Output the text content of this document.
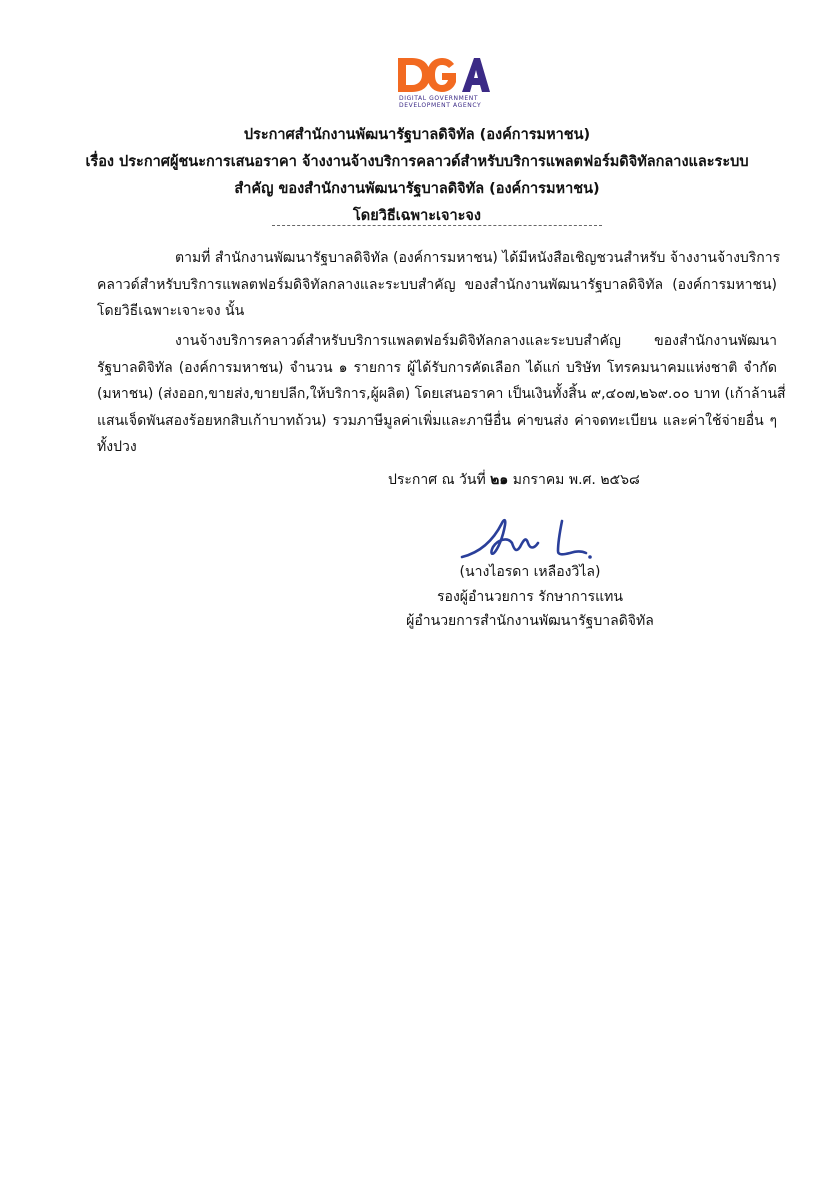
DIGITAL GOVERNMENT
DEVELOPMENT AGENCY
ประกาศสำนักงานพัฒนารัฐบาลดิจิทัล (องค์การมหาชน)
เรื่อง ประกาศผู้ชนะการเสนอราคา จ้างงานจ้างบริการคลาวด์สำหรับบริการแพลตฟอร์มดิจิทัลกลางและระบบ
สำคัญ ของสำนักงานพัฒนารัฐบาลดิจิทัล (องค์การมหาชน)
โดยวิธีเฉพาะเจาะจง
ตามที่ สำนักงานพัฒนารัฐบาลดิจิทัล (องค์การมหาชน) ได้มีหนังสือเชิญชวนสำหรับ จ้างงานจ้างบริการ
คลาวด์สำหรับบริการแพลตฟอร์มดิจิทัลกลางและระบบสำคัญ ของสำนักงานพัฒนารัฐบาลดิจิทัล (องค์การมหาชน)
โดยวิธีเฉพาะเจาะจง นั้น
งานจ้างบริการคลาวด์สำหรับบริการแพลตฟอร์มดิจิทัลกลางและระบบสำคัญ ของสำนักงานพัฒนา
รัฐบาลดิจิทัล (องค์การมหาชน) จำนวน ๑ รายการ ผู้ได้รับการคัดเลือก ได้แก่ บริษัท โทรคมนาคมแห่งชาติ จำกัด
(มหาชน) (ส่งออก,ขายส่ง,ขายปลีก,ให้บริการ,ผู้ผลิต) โดยเสนอราคา เป็นเงินทั้งสิ้น ๙,๔๐๗,๒๖๙.๐๐ บาท (เก้าล้านสี่
แสนเจ็ดพันสองร้อยหกสิบเก้าบาทถ้วน) รวมภาษีมูลค่าเพิ่มและภาษีอื่น ค่าขนส่ง ค่าจดทะเบียน และค่าใช้จ่ายอื่น ๆ
ทั้งปวง
ประกาศ ณ วันที่ ๒๑ มกราคม พ.ศ. ๒๕๖๘
(นางไอรดา เหลืองวิไล)
รองผู้อำนวยการ รักษาการแทน
ผู้อำนวยการสำนักงานพัฒนารัฐบาลดิจิทัล
